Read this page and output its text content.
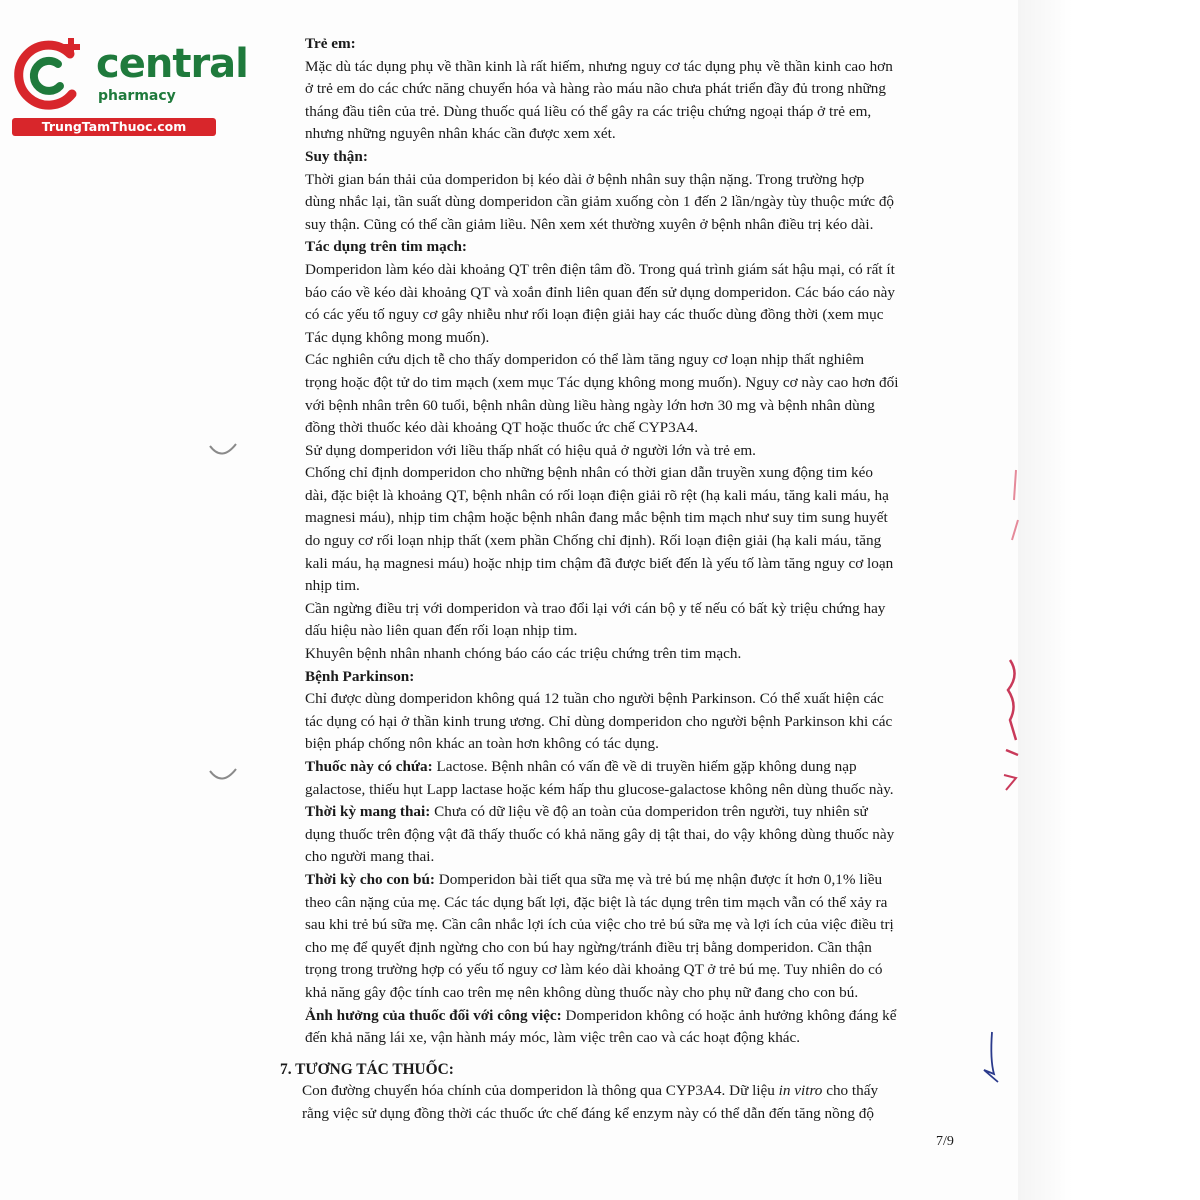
central
pharmacy
TrungTamThuoc.com
Trẻ em:
Mặc dù tác dụng phụ về thần kinh là rất hiếm, nhưng nguy cơ tác dụng phụ về thần kinh cao hơn
ở trẻ em do các chức năng chuyển hóa và hàng rào máu não chưa phát triển đầy đủ trong những
tháng đầu tiên của trẻ. Dùng thuốc quá liều có thể gây ra các triệu chứng ngoại tháp ở trẻ em,
nhưng những nguyên nhân khác cần được xem xét.
Suy thận:
Thời gian bán thải của domperidon bị kéo dài ở bệnh nhân suy thận nặng. Trong trường hợp
dùng nhắc lại, tần suất dùng domperidon cần giảm xuống còn 1 đến 2 lần/ngày tùy thuộc mức độ
suy thận. Cũng có thể cần giảm liều. Nên xem xét thường xuyên ở bệnh nhân điều trị kéo dài.
Tác dụng trên tim mạch:
Domperidon làm kéo dài khoảng QT trên điện tâm đồ. Trong quá trình giám sát hậu mại, có rất ít
báo cáo về kéo dài khoảng QT và xoắn đỉnh liên quan đến sử dụng domperidon. Các báo cáo này
có các yếu tố nguy cơ gây nhiễu như rối loạn điện giải hay các thuốc dùng đồng thời (xem mục
Tác dụng không mong muốn).
Các nghiên cứu dịch tễ cho thấy domperidon có thể làm tăng nguy cơ loạn nhịp thất nghiêm
trọng hoặc đột tử do tim mạch (xem mục Tác dụng không mong muốn). Nguy cơ này cao hơn đối
với bệnh nhân trên 60 tuổi, bệnh nhân dùng liều hàng ngày lớn hơn 30 mg và bệnh nhân dùng
đồng thời thuốc kéo dài khoảng QT hoặc thuốc ức chế CYP3A4.
Sử dụng domperidon với liều thấp nhất có hiệu quả ở người lớn và trẻ em.
Chống chỉ định domperidon cho những bệnh nhân có thời gian dẫn truyền xung động tim kéo
dài, đặc biệt là khoảng QT, bệnh nhân có rối loạn điện giải rõ rệt (hạ kali máu, tăng kali máu, hạ
magnesi máu), nhịp tim chậm hoặc bệnh nhân đang mắc bệnh tim mạch như suy tim sung huyết
do nguy cơ rối loạn nhịp thất (xem phần Chống chỉ định). Rối loạn điện giải (hạ kali máu, tăng
kali máu, hạ magnesi máu) hoặc nhịp tim chậm đã được biết đến là yếu tố làm tăng nguy cơ loạn
nhịp tim.
Cần ngừng điều trị với domperidon và trao đổi lại với cán bộ y tế nếu có bất kỳ triệu chứng hay
dấu hiệu nào liên quan đến rối loạn nhịp tim.
Khuyên bệnh nhân nhanh chóng báo cáo các triệu chứng trên tim mạch.
Bệnh Parkinson:
Chỉ được dùng domperidon không quá 12 tuần cho người bệnh Parkinson. Có thể xuất hiện các
tác dụng có hại ở thần kinh trung ương. Chỉ dùng domperidon cho người bệnh Parkinson khi các
biện pháp chống nôn khác an toàn hơn không có tác dụng.
Thuốc này có chứa: Lactose. Bệnh nhân có vấn đề về di truyền hiếm gặp không dung nạp
galactose, thiếu hụt Lapp lactase hoặc kém hấp thu glucose-galactose không nên dùng thuốc này.
Thời kỳ mang thai: Chưa có dữ liệu về độ an toàn của domperidon trên người, tuy nhiên sử
dụng thuốc trên động vật đã thấy thuốc có khả năng gây dị tật thai, do vậy không dùng thuốc này
cho người mang thai.
Thời kỳ cho con bú: Domperidon bài tiết qua sữa mẹ và trẻ bú mẹ nhận được ít hơn 0,1% liều
theo cân nặng của mẹ. Các tác dụng bất lợi, đặc biệt là tác dụng trên tim mạch vẫn có thể xảy ra
sau khi trẻ bú sữa mẹ. Cần cân nhắc lợi ích của việc cho trẻ bú sữa mẹ và lợi ích của việc điều trị
cho mẹ để quyết định ngừng cho con bú hay ngừng/tránh điều trị bằng domperidon. Cần thận
trọng trong trường hợp có yếu tố nguy cơ làm kéo dài khoảng QT ở trẻ bú mẹ. Tuy nhiên do có
khả năng gây độc tính cao trên mẹ nên không dùng thuốc này cho phụ nữ đang cho con bú.
Ảnh hưởng của thuốc đối với công việc: Domperidon không có hoặc ảnh hưởng không đáng kể
đến khả năng lái xe, vận hành máy móc, làm việc trên cao và các hoạt động khác.
7. TƯƠNG TÁC THUỐC:
Con đường chuyển hóa chính của domperidon là thông qua CYP3A4. Dữ liệu in vitro cho thấy
rằng việc sử dụng đồng thời các thuốc ức chế đáng kể enzym này có thể dẫn đến tăng nồng độ
7/9
